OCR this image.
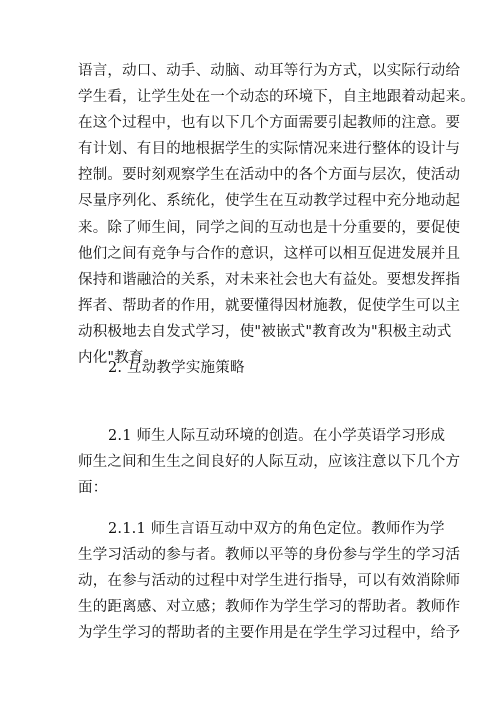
语言，动口、动手、动脑、动耳等行为方式，以实际行动给
学生看，让学生处在一个动态的环境下，自主地跟着动起来。
在这个过程中，也有以下几个方面需要引起教师的注意。要
有计划、有目的地根据学生的实际情况来进行整体的设计与
控制。要时刻观察学生在活动中的各个方面与层次，使活动
尽量序列化、系统化，使学生在互动教学过程中充分地动起
来。除了师生间，同学之间的互动也是十分重要的，要促使
他们之间有竞争与合作的意识，这样可以相互促进发展并且
保持和谐融洽的关系，对未来社会也大有益处。要想发挥指
挥者、帮助者的作用，就要懂得因材施教，促使学生可以主
动积极地去自发式学习，使"被嵌式"教育改为"积极主动式
内化"教育。
2. 互动教学实施策略
2.1 师生人际互动环境的创造。在小学英语学习形成
师生之间和生生之间良好的人际互动，应该注意以下几个方
面：
2.1.1 师生言语互动中双方的角色定位。教师作为学
生学习活动的参与者。教师以平等的身份参与学生的学习活
动，在参与活动的过程中对学生进行指导，可以有效消除师
生的距离感、对立感；教师作为学生学习的帮助者。教师作
为学生学习的帮助者的主要作用是在学生学习过程中，给予
